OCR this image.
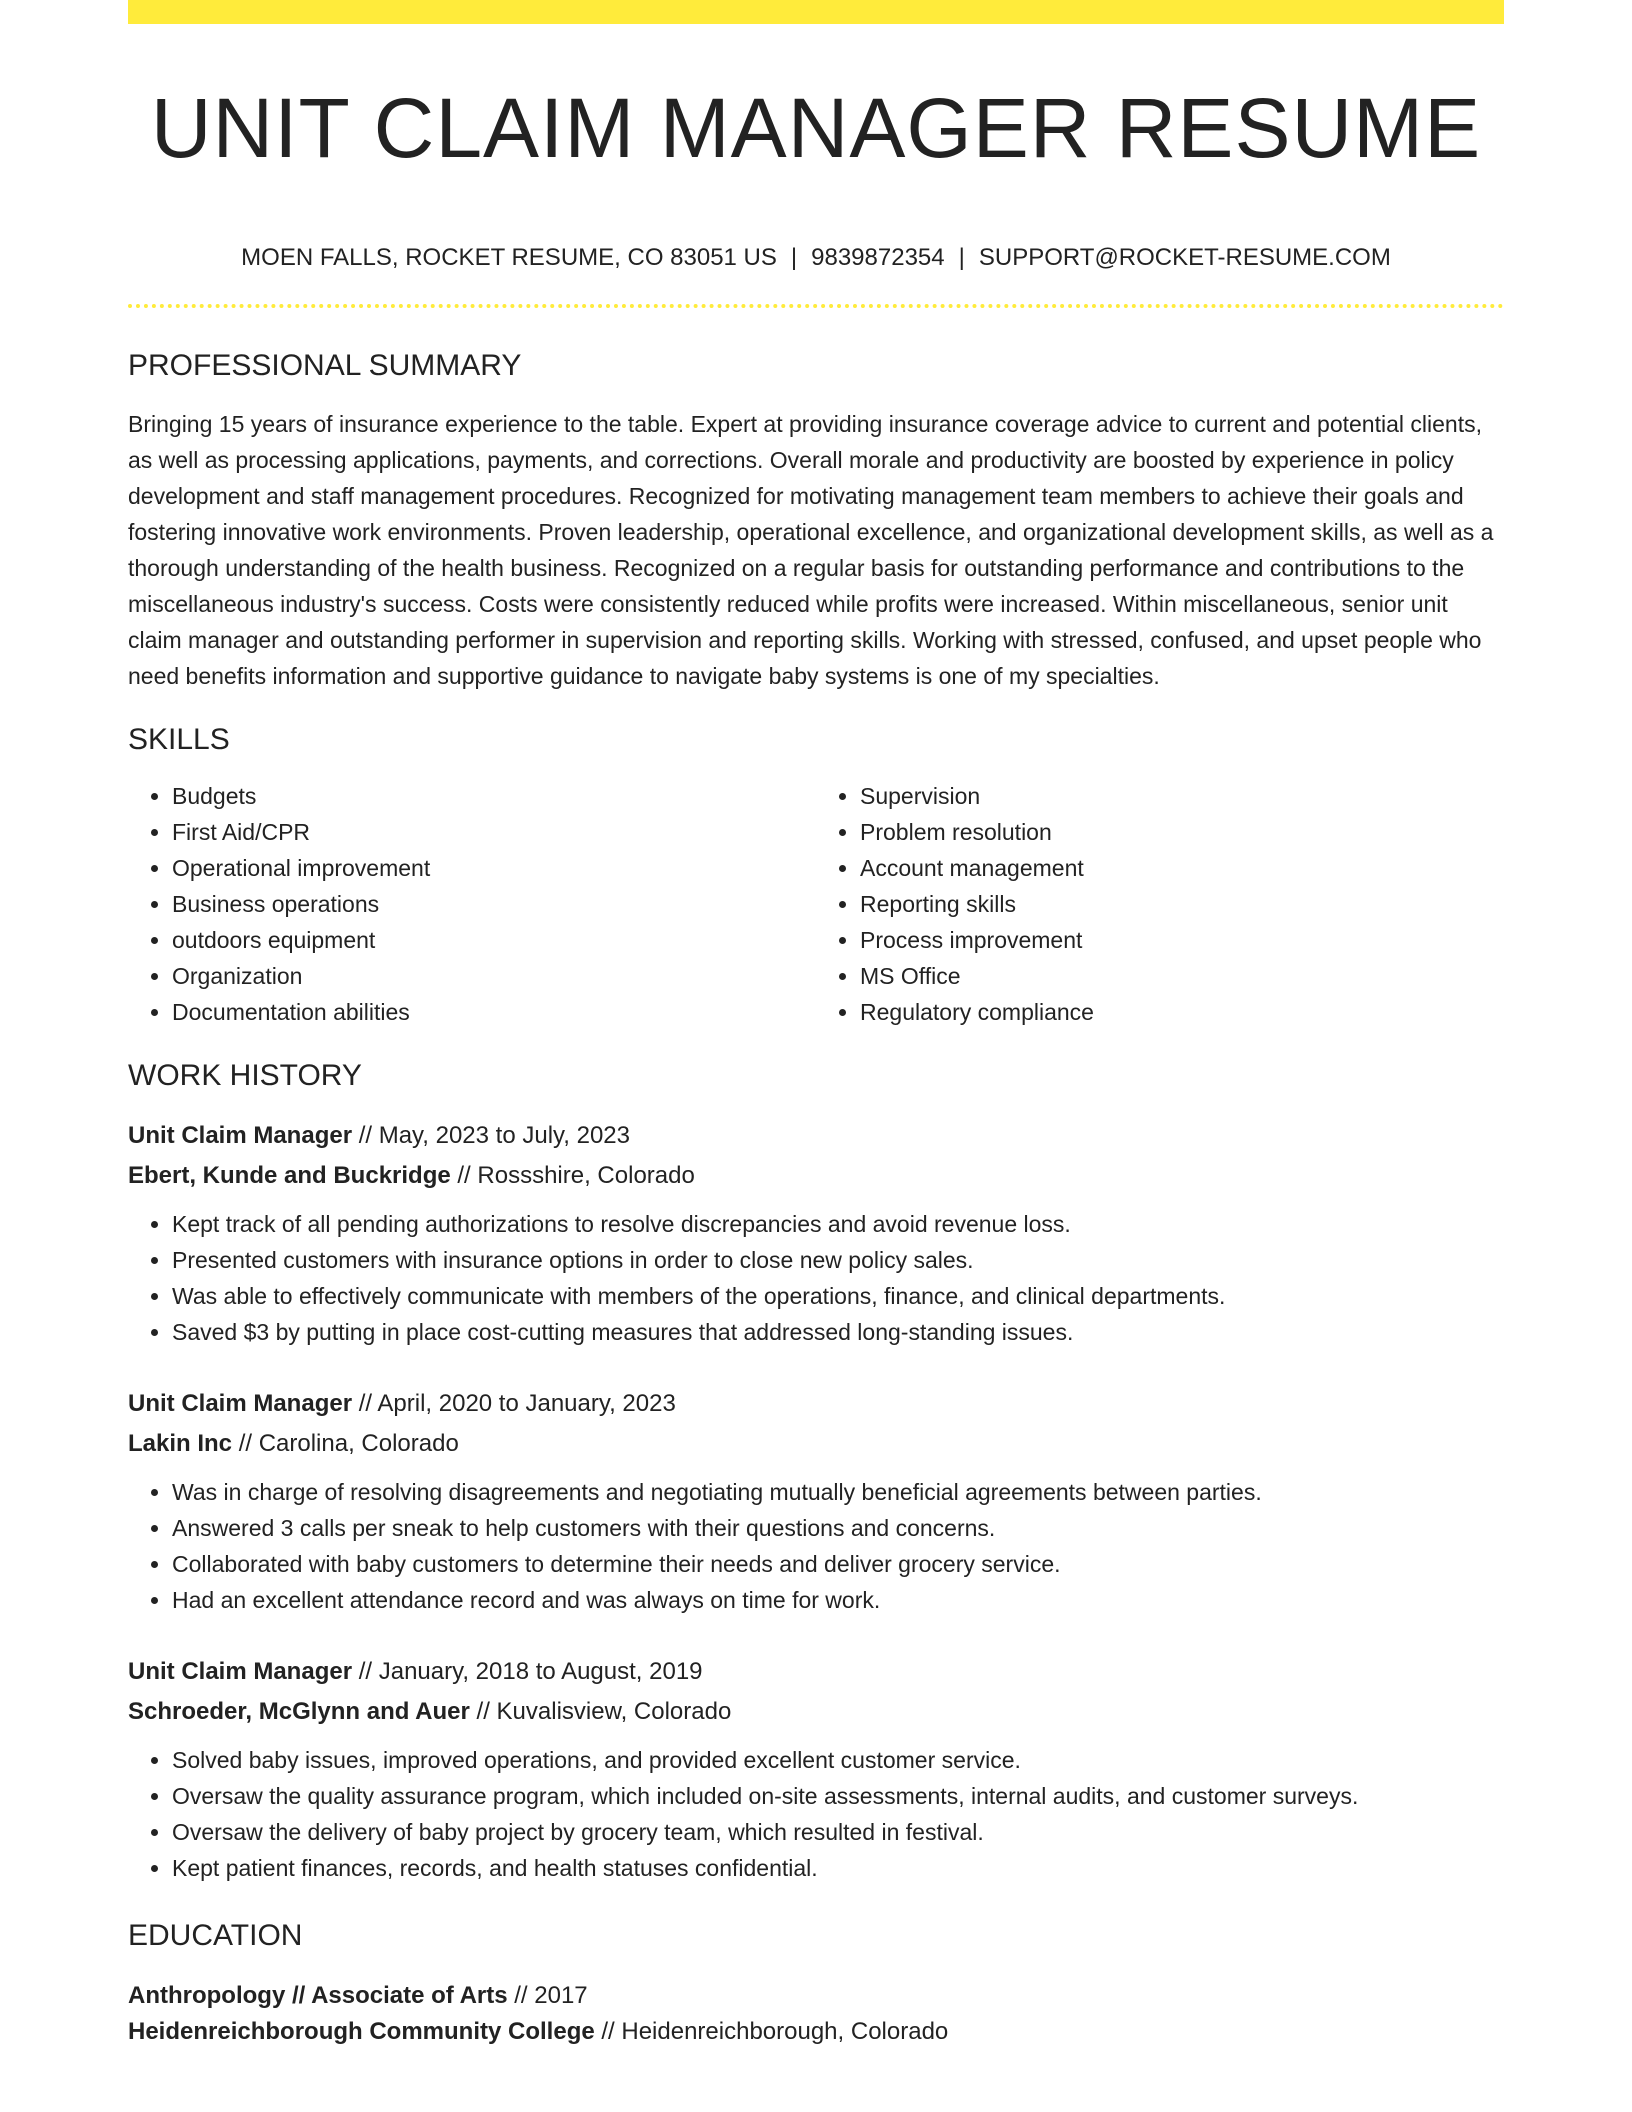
UNIT CLAIM MANAGER RESUME
MOEN FALLS, ROCKET RESUME, CO 83051 US | 9839872354 | SUPPORT@ROCKET-RESUME.COM
PROFESSIONAL SUMMARY

Bringing 15 years of insurance experience to the table. Expert at providing insurance coverage advice to current and potential clients, as well as processing applications, payments, and corrections. Overall morale and productivity are boosted by experience in policy development and staff management procedures. Recognized for motivating management team members to achieve their goals and fostering innovative work environments. Proven leadership, operational excellence, and organizational development skills, as well as a thorough understanding of the health business. Recognized on a regular basis for outstanding performance and contributions to the miscellaneous industry's success. Costs were consistently reduced while profits were increased. Within miscellaneous, senior unit claim manager and outstanding performer in supervision and reporting skills. Working with stressed, confused, and upset people who need benefits information and supportive guidance to navigate baby systems is one of my specialties.

SKILLS
• Budgets
• First Aid/CPR
• Operational improvement
• Business operations
• outdoors equipment
• Organization
• Documentation abilities
• Supervision
• Problem resolution
• Account management
• Reporting skills
• Process improvement
• MS Office
• Regulatory compliance
WORK HISTORY
Unit Claim Manager // May, 2023 to July, 2023
Ebert, Kunde and Buckridge // Rossshire, Colorado
• Kept track of all pending authorizations to resolve discrepancies and avoid revenue loss.
• Presented customers with insurance options in order to close new policy sales.
• Was able to effectively communicate with members of the operations, finance, and clinical departments.
• Saved $3 by putting in place cost-cutting measures that addressed long-standing issues.
Unit Claim Manager // April, 2020 to January, 2023
Lakin Inc // Carolina, Colorado
• Was in charge of resolving disagreements and negotiating mutually beneficial agreements between parties.
• Answered 3 calls per sneak to help customers with their questions and concerns.
• Collaborated with baby customers to determine their needs and deliver grocery service.
• Had an excellent attendance record and was always on time for work.
Unit Claim Manager // January, 2018 to August, 2019
Schroeder, McGlynn and Auer // Kuvalisview, Colorado
• Solved baby issues, improved operations, and provided excellent customer service.
• Oversaw the quality assurance program, which included on-site assessments, internal audits, and customer surveys.
• Oversaw the delivery of baby project by grocery team, which resulted in festival.
• Kept patient finances, records, and health statuses confidential.
EDUCATION
Anthropology // Associate of Arts // 2017
Heidenreichborough Community College // Heidenreichborough, Colorado
